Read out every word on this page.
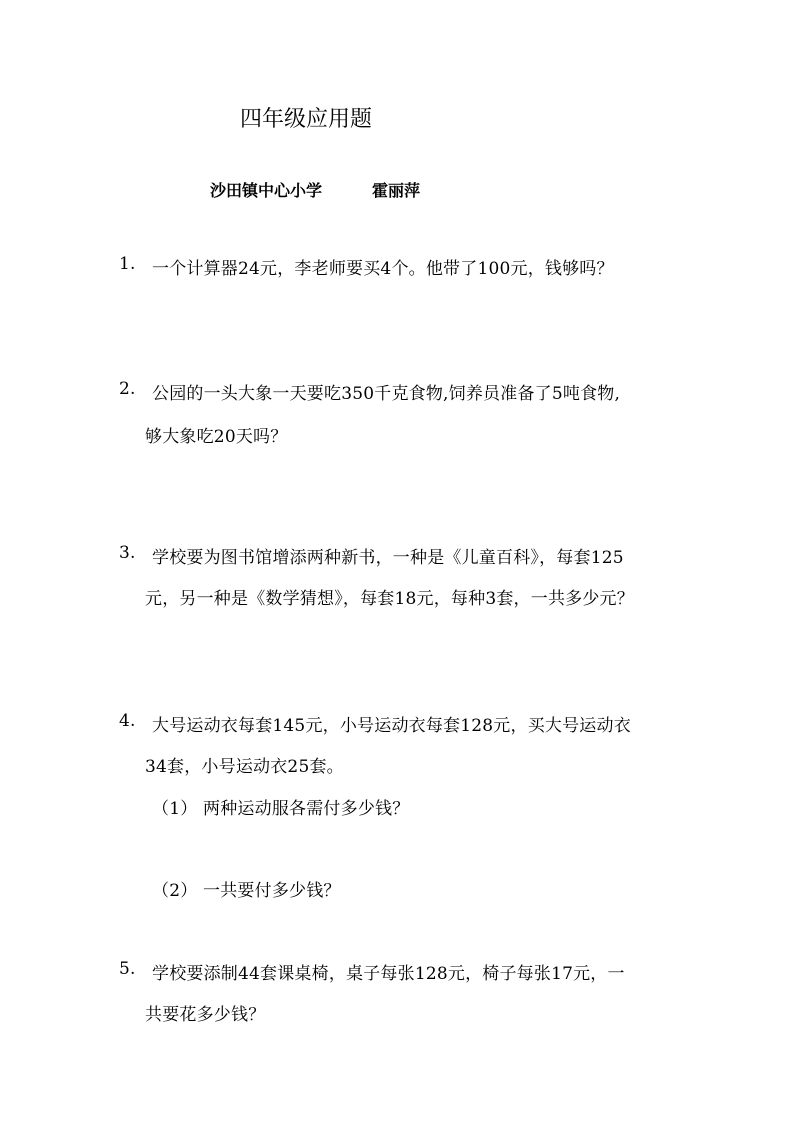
四年级应用题
沙田镇中心小学	霍丽萍
1. 一个计算器24元，李老师要买4个。他带了100元，钱够吗？
2. 公园的一头大象一天要吃350千克食物,饲养员准备了5吨食物,
够大象吃20天吗？
3. 学校要为图书馆增添两种新书，一种是《儿童百科》，每套125
元，另一种是《数学猜想》，每套18元，每种3套，一共多少元？
4. 大号运动衣每套145元，小号运动衣每套128元，买大号运动衣
34套，小号运动衣25套。
（1） 两种运动服各需付多少钱？
（2） 一共要付多少钱？
5. 学校要添制44套课桌椅，桌子每张128元，椅子每张17元，一
共要花多少钱？
